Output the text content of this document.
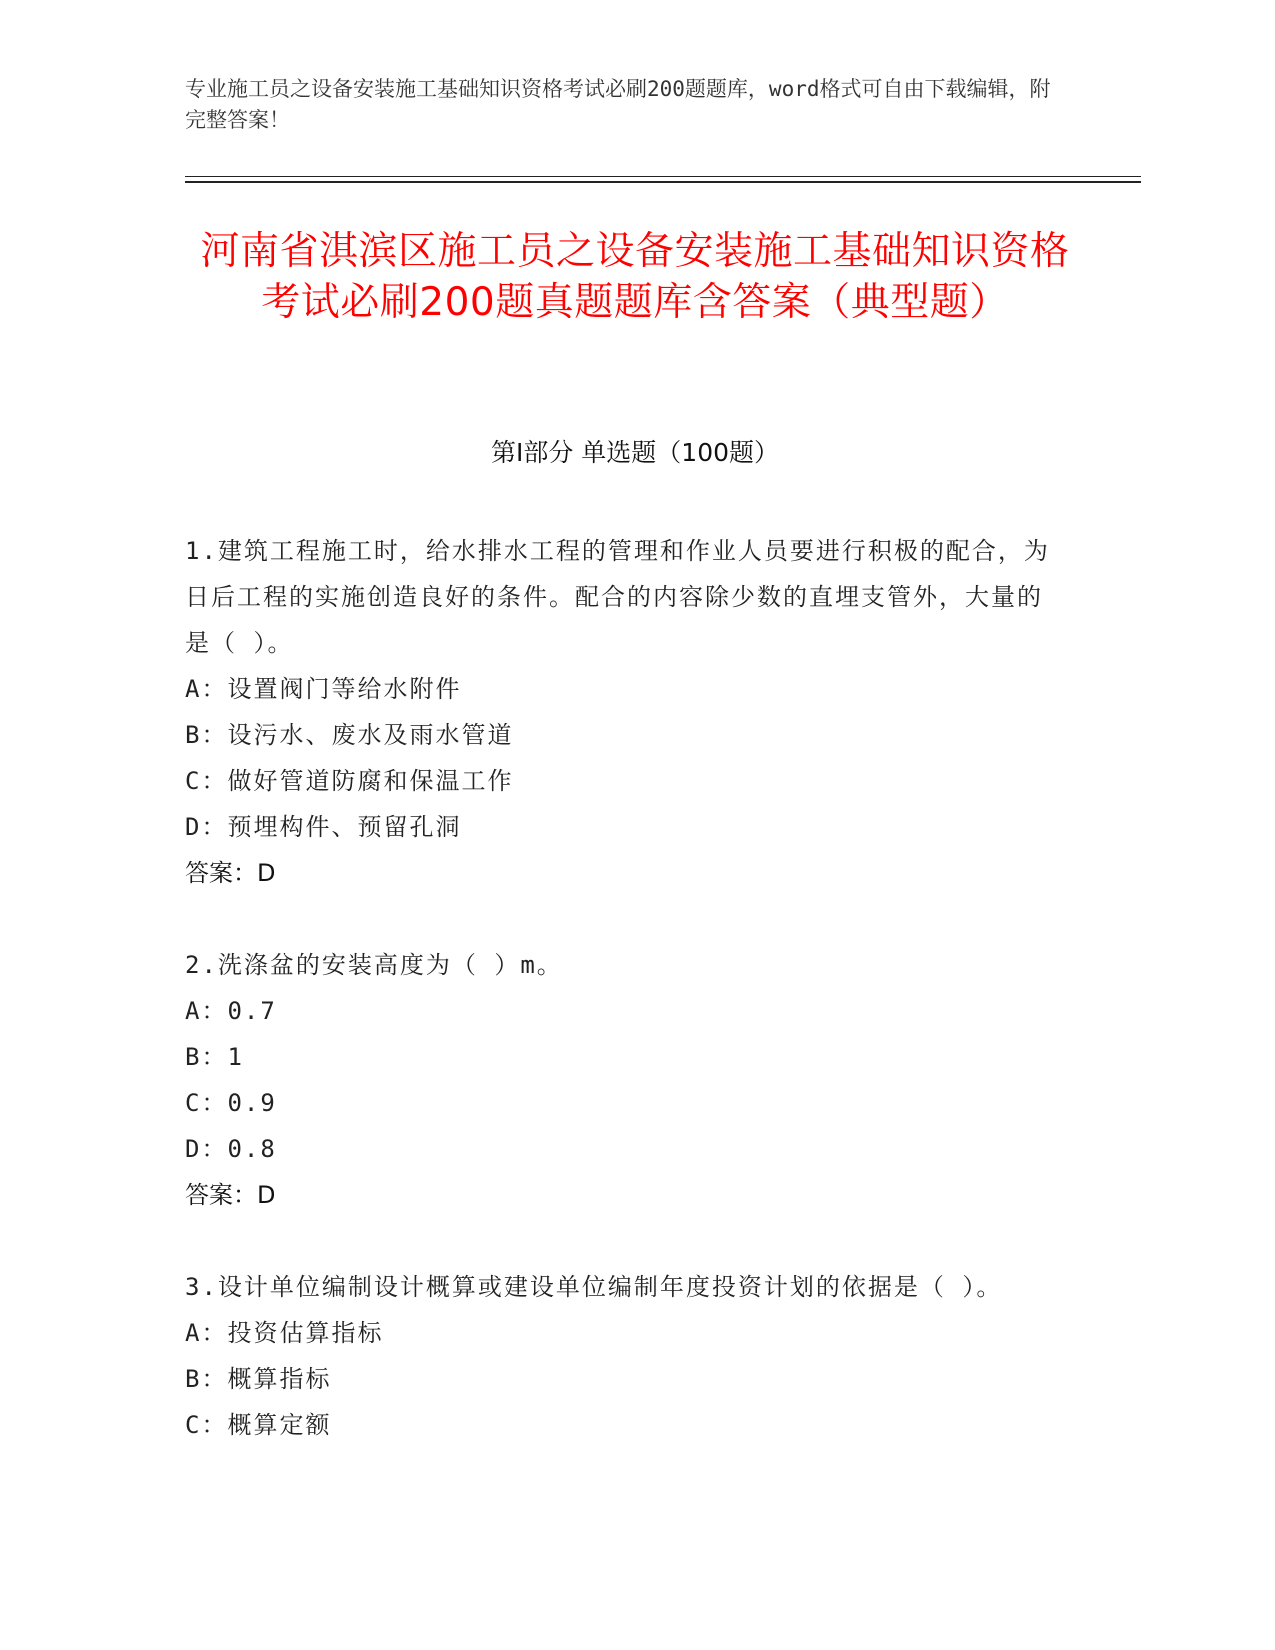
专业施工员之设备安装施工基础知识资格考试必刷200题题库，word格式可自由下载编辑，附完整答案！
河南省淇滨区施工员之设备安装施工基础知识资格考试必刷200题真题题库含答案（典型题）
第I部分 单选题（100题）

1.建筑工程施工时，给水排水工程的管理和作业人员要进行积极的配合，为日后工程的实施创造良好的条件。配合的内容除少数的直埋支管外，大量的是（ ）。

A：设置阀门等给水附件

B：设污水、废水及雨水管道

C：做好管道防腐和保温工作

D：预埋构件、预留孔洞

答案：D

2.洗涤盆的安装高度为（ ）m。

A：0.7

B：1

C：0.9

D：0.8

答案：D

3.设计单位编制设计概算或建设单位编制年度投资计划的依据是（ ）。

A：投资估算指标

B：概算指标

C：概算定额
